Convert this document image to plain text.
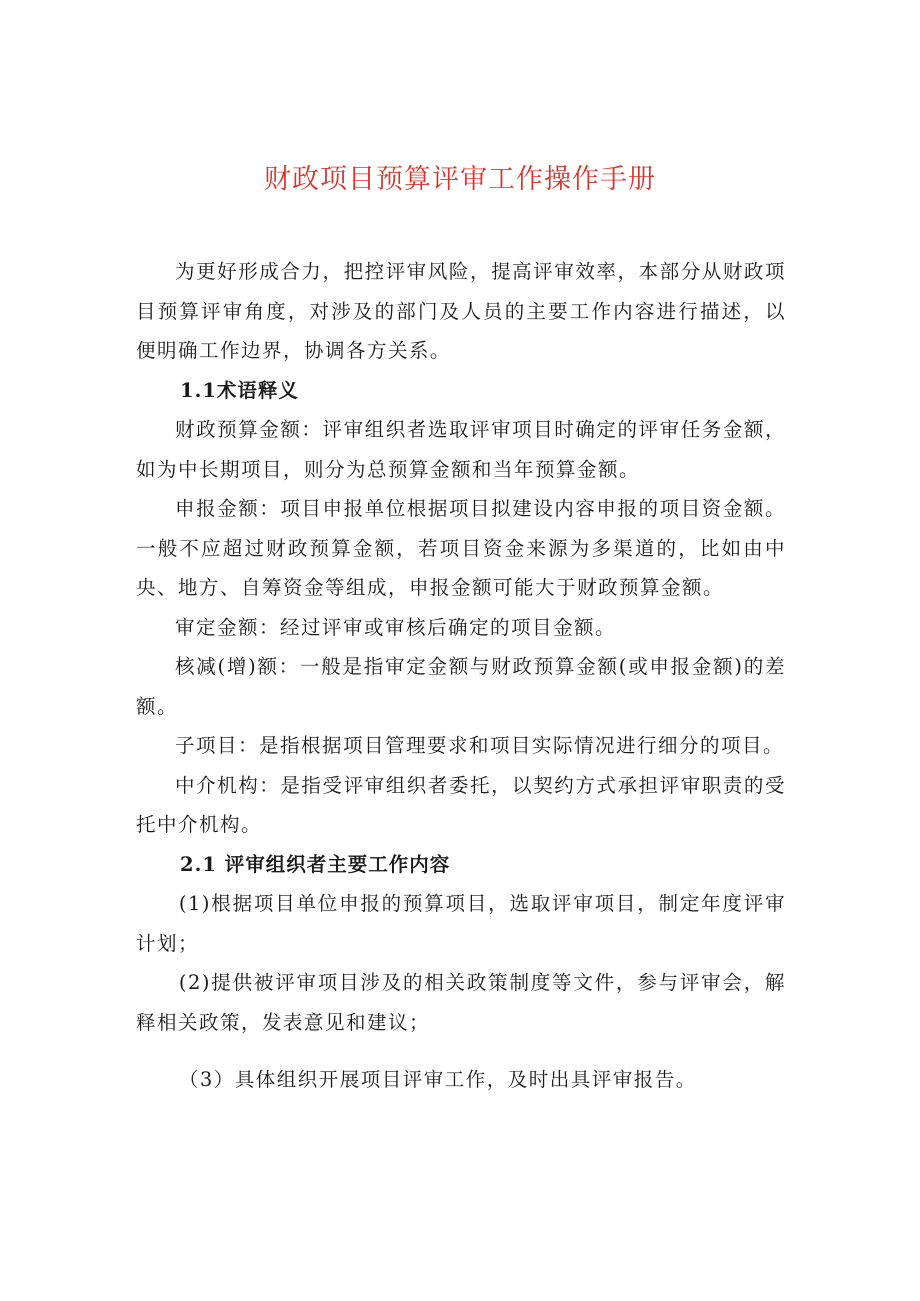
财政项目预算评审工作操作手册

为更好形成合力，把控评审风险，提高评审效率，本部分从财政项目预算评审角度，对涉及的部门及人员的主要工作内容进行描述，以便明确工作边界，协调各方关系。

1.1术语释义

财政预算金额：评审组织者选取评审项目时确定的评审任务金额，如为中长期项目，则分为总预算金额和当年预算金额。

申报金额：项目申报单位根据项目拟建设内容申报的项目资金额。一般不应超过财政预算金额，若项目资金来源为多渠道的，比如由中央、地方、自筹资金等组成，申报金额可能大于财政预算金额。

审定金额：经过评审或审核后确定的项目金额。

核减(增)额：一般是指审定金额与财政预算金额(或申报金额)的差额。

子项目：是指根据项目管理要求和项目实际情况进行细分的项目。

中介机构：是指受评审组织者委托，以契约方式承担评审职责的受托中介机构。

2.1 评审组织者主要工作内容

(1)根据项目单位申报的预算项目，选取评审项目，制定年度评审计划；

(2)提供被评审项目涉及的相关政策制度等文件，参与评审会，解释相关政策，发表意见和建议；

（3）具体组织开展项目评审工作，及时出具评审报告。
